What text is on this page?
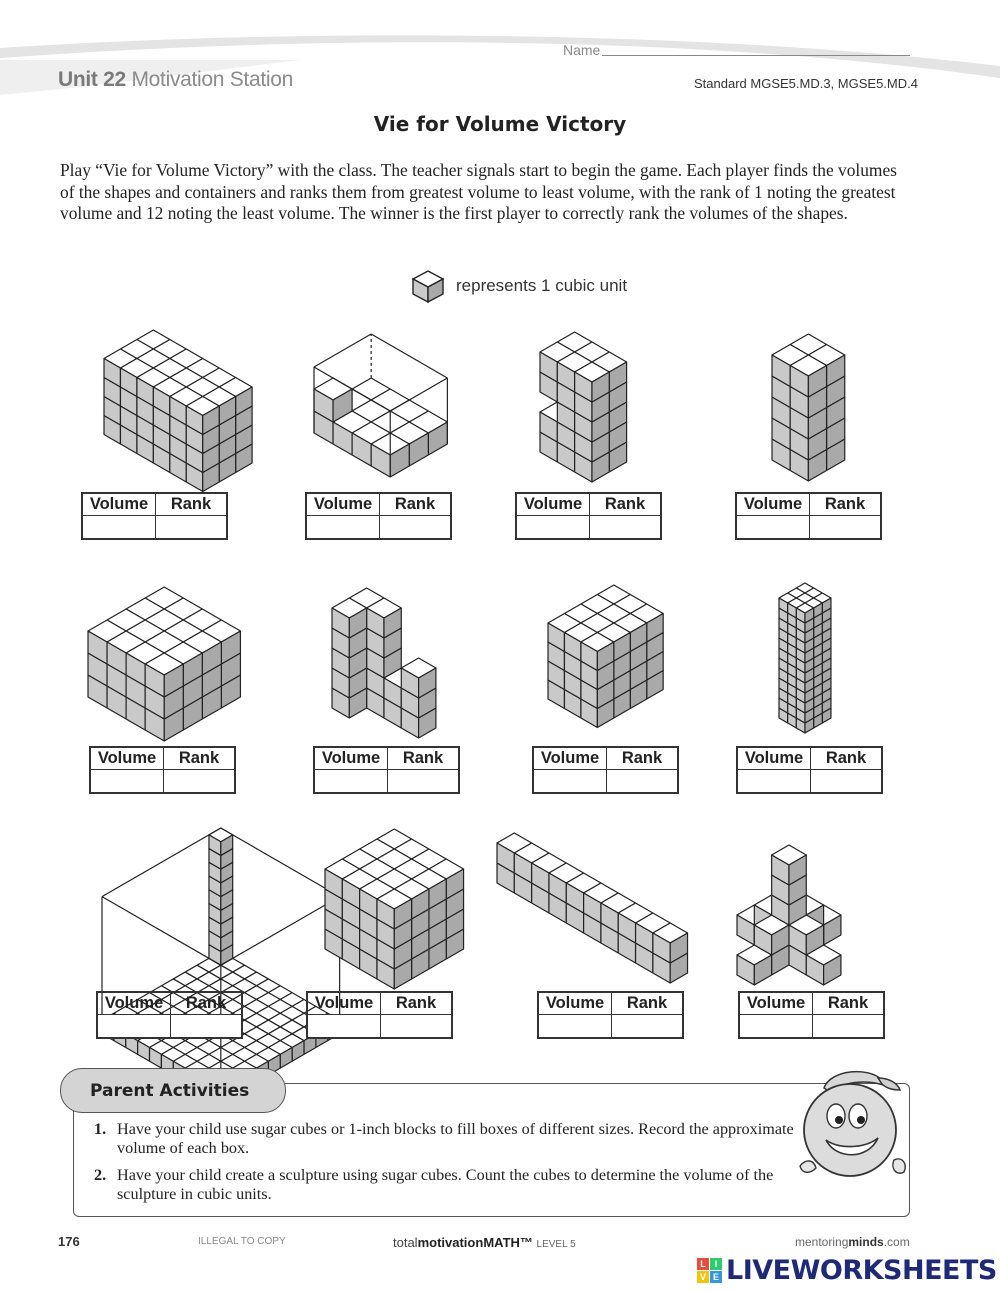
Name
Unit 22 Motivation Station	Standard MGSE5.MD.3, MGSE5.MD.4
Vie for Volume Victory
Play “Vie for Volume Victory” with the class. The teacher signals start to begin the game. Each player finds the volumes of the shapes and containers and ranks them from greatest volume to least volume, with the rank of 1 noting the greatest volume and 12 noting the least volume. The winner is the first player to correctly rank the volumes of the shapes.
represents 1 cubic unit
Volume	Rank	Volume	Rank	Volume	Rank	Volume	Rank
Volume	Rank	Volume	Rank	Volume	Rank	Volume	Rank
Volume	Rank	Volume	Rank	Volume	Rank	Volume	Rank
Parent Activities
1. Have your child use sugar cubes or 1-inch blocks to fill boxes of different sizes. Record the approximate volume of each box.
2. Have your child create a sculpture using sugar cubes. Count the cubes to determine the volume of the sculpture in cubic units.
176	ILLEGAL TO COPY	totalmotivationMATH™ LEVEL 5	mentoringminds.com
L I
V E LIVEWORKSHEETS
